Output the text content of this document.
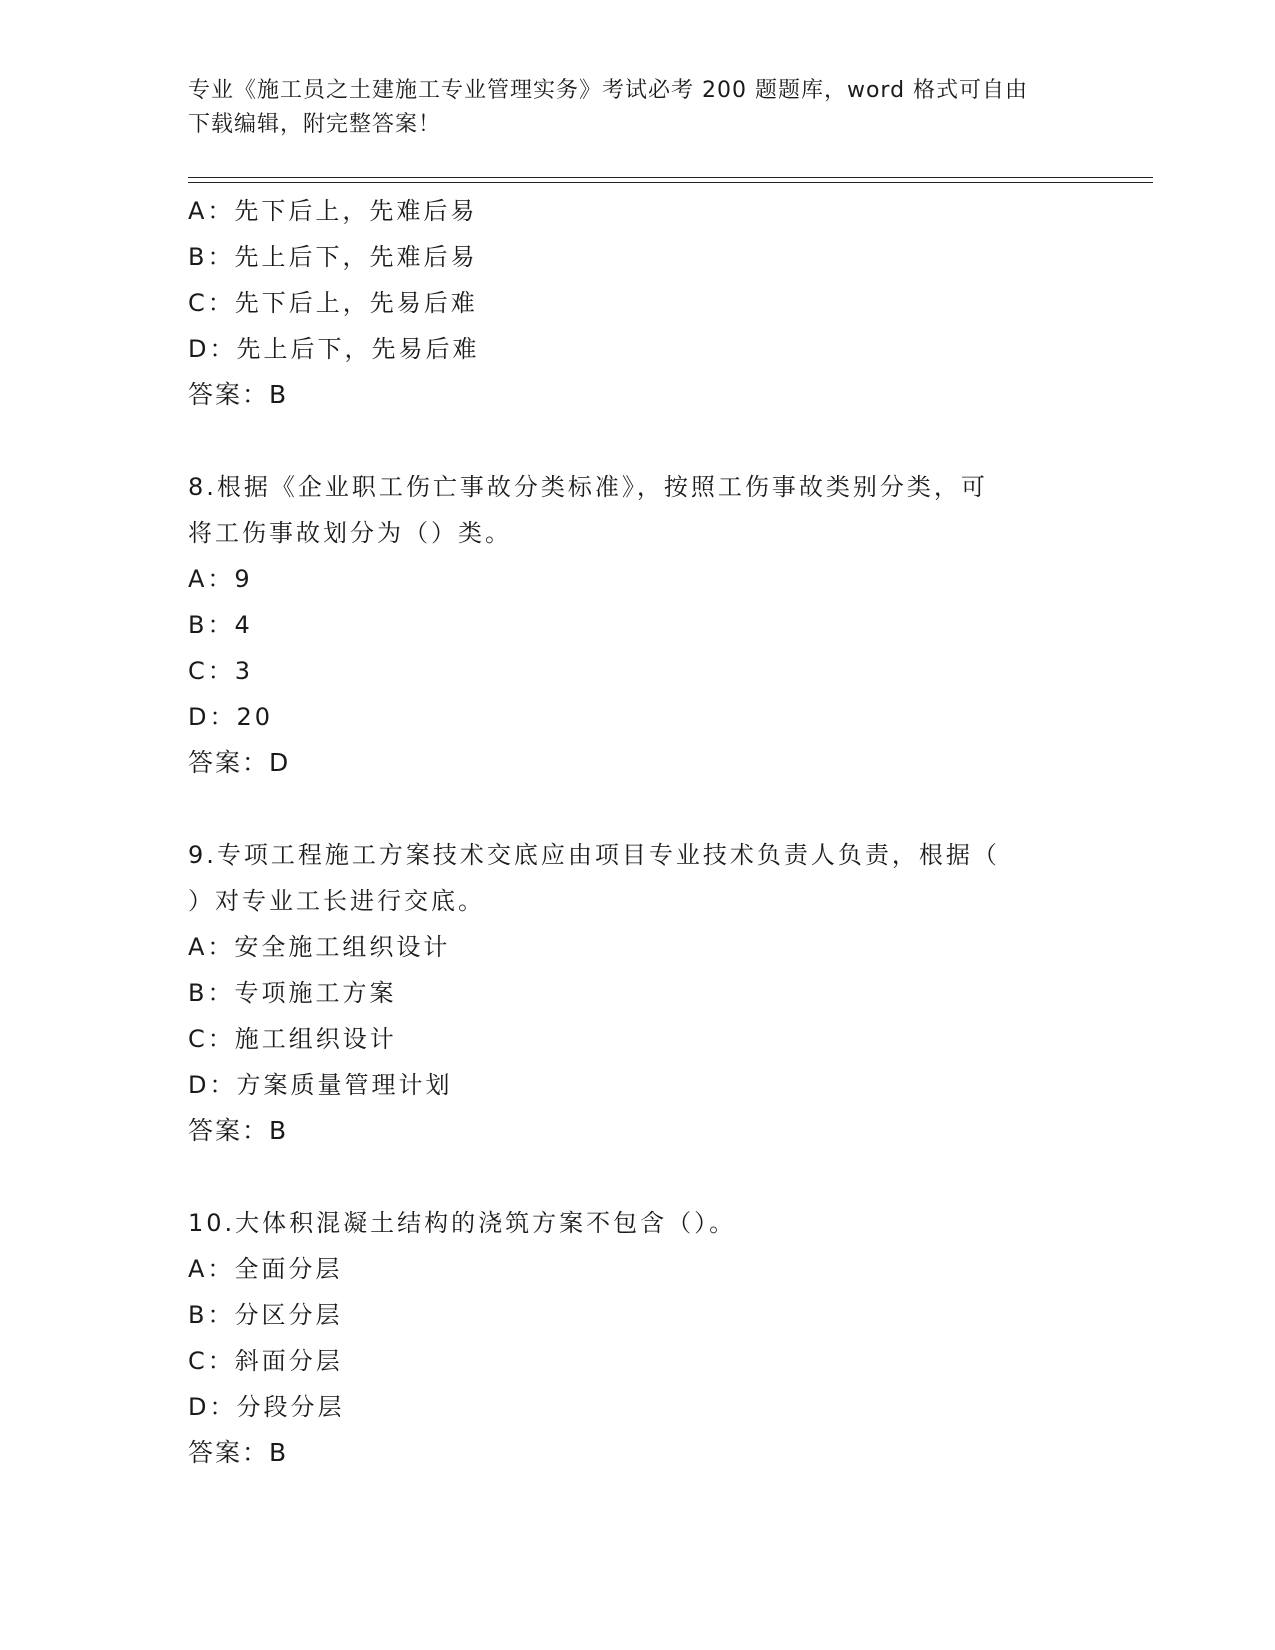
专业《施工员之土建施工专业管理实务》考试必考 200 题题库，word 格式可自由
下载编辑，附完整答案！
A：先下后上，先难后易
B：先上后下，先难后易
C：先下后上，先易后难
D：先上后下，先易后难
答案：B
8.根据《企业职工伤亡事故分类标准》，按照工伤事故类别分类，可
将工伤事故划分为（）类。
A：9
B：4
C：3
D：20
答案：D
9.专项工程施工方案技术交底应由项目专业技术负责人负责，根据（
）对专业工长进行交底。
A：安全施工组织设计
B：专项施工方案
C：施工组织设计
D：方案质量管理计划
答案：B
10.大体积混凝土结构的浇筑方案不包含（）。
A：全面分层
B：分区分层
C：斜面分层
D：分段分层
答案：B
